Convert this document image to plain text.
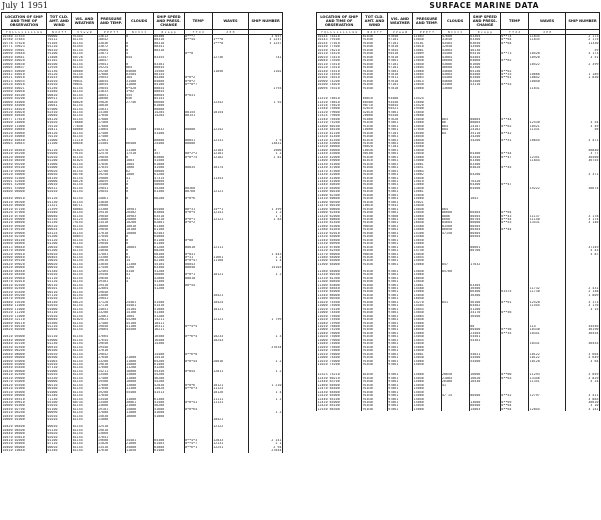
July 1 1951	SURFACE MARINE DATA
LOCATION OF SHIP AND TIME OF OBSERVATION	TOT CLD. AMT. AND WIND	VIS. AND WEATHER	PRESSURE AND TEMP.	CLOUDS	SHIP SPEED AND PRESS. CHANGE	TEMP	WAVES	SHIP NUMBER
Y Q L L L L L L L L G G	N d d f f	V V w w W	P P P T T	N C h C C	D v a p p	T T d d	d P H	
10780 37535	90000	91454	13613	0	00300	0***7		3 657
10780 37645	70112	81154	18642		00310	0**44	1***8	3 1257
10778 37620	91105	81154	13836	0	00310		1***8	3 1257
10771 39623	01210	81454	13872	0	00341			
10660 39601	90310	81154	19864	0	00310			
10690 39640	91100	81154	13871	4		0**0		
10640 40641	13408	80728	13447	854	03355		12736	741
10600 40020	01102	81154	18847					
10600 40630	40100	81154	19041	0	03301			
10605 40637	12926	81154	19224	064	00044			
10603 40600	02130	80000	19240	04600	15500		11856	1102
10542 40010	16120	91154	17080	03504	00144			
10521 40018	81015	80038	19053	384	04300	0*0*2		
10523 40035	81010	90031	18854	31400	04000	0*0*2		
10520 40018	81010	90031	18654	31000	04100	0**0*7		
10560 40021	01250	81154	19854	6*420	00044			1793
10560 40050	61040	81154	13833	3*02	00044			
10500 40100	00810	81154	18851	555	00604	0*031		
10500 40200	00911	81154	18600	656	05143			
10000 44000	20810	80026	19026	27746	66600		12342	1 92
10500 44000	10041	81154	18030		61000			
10552 44020	07000	81154	15031		00000			
10520 40020	62510	81154	13100		14204	00155	10154	
10800 40400	20040	81154	17040		14204	00151		
10577 17610	04120	81154	17880					
10400 18000	01020	78880	17460					
10400 11000	70110	77840	17660					
10000 40660	10411	80080	13064	51400	54832	00000	12142	
10520 40060	04120	81154	17400		51400			
10520 40060	70110	81154	17400					
10640 40440	11000	11110	17861		80000	00051	12131	1 9
10603 40645	21100	80856	13404	66400	24400	00000		13831

10410 04040	01210	81024	12578	11300	0		12183	1600
10410 05200	01050	79155	12578	17510	357	00*2*2	12181	1 2
10420 06600	02010	81154	19850	0	63000	0*0*75	12182	1 81
10430 08500	01200	81024	13680	1003	51500			
10450 09200	41000	81154	17856	1004	61000			
10460 09100	01000	81154	17835	1000	41500	00035	10174	
10470 09400	09020	81154	12700	62	50000			
10520 50000	40030	80756	19240	1000	61200			
10500 51000	04150	81154	19000	41	47315		11353	
10501 52600	20000	80126	10859	1	60000			
10501 52600	20010	81154	15400	0	58600			
10501 53000	00312	81154	19041	0	55200	00360		
10400 06000	02010	81154	19854	0	61300	00760	12121	

10440 06010	01120	81154	14861	0	66200	0*0*6		
10410 06300	01130	81154	13840					
10430 06000	21321	80711	19600					
10410 07100	21399	80084	13300	10901	65400	00*31	14**1	1 399
10420 07000	01040	81154	19410	20402	63000	0*0*5	12141	1 2
10410 07500	00040	81154	19040	10903	63510			1 7
10420 09000	02310	81124	13000	20000	63210	0*0*1	12121	1 83
10410 08600	01150	79154	13410	10200	62801	0*0*2		
10450 09400	00310	81154	18000	10010	61300			
10470 09100	00034	81154	19058	10100	61100			
10450 09000	03125	81154	17010	10000	62403			
10430 02300	01200	80053	17040	0	64000			
10460 04100	01120	81154	17041	0	61100	0*00		
10460 04000	01200	81154	19040	0	61300			
10413 06640	20010	79854	13860	10003	61200	00010	12111	
10470 04000	01200	81154	14840	0	60200			
10520 09010	03010	81154	17801	0	60100	0*031		1 443
10500 00040	00403	81154	13300	01	62200	0*31	11661	1 2
10530 09100	10020	81154	19810	14	62100	0*0*47	11160	1 4
10420 09020	00020	81154	13050	11300	55104	00043		
10420 06000	00010	81154	17440	1200	63300	00040		15103
10430 06540	01340	81154	12464	4140	51200			
10430 04400	01010	81154	19440	41	56806	0*0*1	10121	1 2
10430 09040	01110	81154	19640	41	52000	00010		
10470 02010	01120	81154	19301	4	51300			
10410 02500	00110	81154	19410		51300	00*54		
10460 02500	00101	81154	12864		51200			
10520 03500	00110	81154	19040					
10430 09200	07110	81154	13800				10421	
10470 09400	01010	81154	19041					
10480 10100	04140	80124	17120	24481	51500		10424	
10480 11000	02010	81154	17110	34481	51410			
10400 11000	01000	81154	14051	14104	51000		10121	
10520 11200	03110	81154	13200	14100	51300			
10520 11000	01010	81154	12861	1004	51200			
10830 32110	00040	81024	19023	45200	15211		12121	1 799
10460 60110	03300	81154	17480	45100	18411			
10870 60100	01210	81154	19040	41100	16311	0**4*5		
10820 60300	02030	81154	19864	44500	16211			

10410 05000	02110	81154	17664		16500	0**6*4	10233	1 3
10440 06000	03000	81154	17644		16500		10243	
10440 02100	01230	81154	19640		14300			
10530 02500	00510	81154	19440					27634
10660 06200	00100	81154	17010					
10640 08000	03010	81154	19042		14400	0**6*0		
10400 06000	00300	81154	17040	21000	14410			
10400 03000	01003	81154	13200	11000	65200	0*0*44	28016	1 2
10400 03000	02010	81154	19810	14000	61400			
10450 03400	07110	81154	17600	11200	51200			
10430 06000	01000	81154	14211	18000	55340	0*054	12011	1 2
10410 02500	02010	81154	13400	13000	55200			
10410 09000	03330	81154	17400	11000	56200			
10470 03000	00000	81154	19500	10000	55200			
10420 03500	00110	81154	17600	13000	52030	0*0*6	10121	1 210
10410 01000	00160	81154	17040	11300	14020	0**6*3	11123	
10510 05000	01000	81154	19200	55400	41513		10126	1 4
10560 06000	01340	81154	17040					
10450 05510	71130	81154	13440	11000	61300		11111	1 2
10430 09610	03100	80734	13400	30061	41400	0*0*41	11131	
10600 01000	01010	81154	13000	21000	56200			
10450 02700	01100	81154	19101	14000	51600	0*0*64		
10510 06200	00090	81154	17000	11000	41600			1 2
10450 03000	02010	81154	15030	10000	51000			
10600 01000	01010	81154	11000				10421	

10420 06400	00010	81154	12510				12122	
10400 06500	01130	81154	19010					
10440 06000	03020	81154	13060					
10570 03610	02010	81154	17041					
10410 02000	01100	81154	19600	34401	65300	0**4*3	12033	2 141
10510 05000	07110	81154	11020	21000	61403	0**4*7	12131	2 1
10400 06000	00010	81154	13410	35000	63000	0**6*1	12251	2 94
10510 10640	01340	81154	17630	11050	61400			27044
LOCATION OF SHIP AND TIME OF OBSERVATION	TOT CLD. AMT. AND WIND	VIS. AND WEATHER	PRESSURE AND TEMP.	CLOUDS	SHIP SPEED AND PRESS. CHANGE	TEMP	WAVES	SHIP NUMBER
Y Q L L L L L L L L G G	N d d f f	V V w w W	P P P T T	N C h C C	D v a p p	T T d d	d P H	
10144 74410	61030	97050	11603	47600	63304	0**74	11835	2 173
10143 79100	91040	97101	15040	31640	63300	0**64	11835	2 175
10154 77010	91040	97101	15101	43404	63650	0**64		11330
10150 77500	91040	97010	15010	12040	43500			
10150 78210	91040	97045	15061	43004	40130			59
10110 74520	91040	94510	15009	34400	65510	0**73	10520	3 173
10010 73410	91040	97010	14400	43004	64404		10920	3 51
10040 73500	91040	97061	15040	56600	64060	0**62		
10110 73510	91040	97101	15040	53006	61600		10522	2 399
10120 73510	91040	97101	15604	46600	63300			
10140 74510	91040	97001	15060	34600	65140	0**62		
10110 74550	91040	97010	15605	43004	64500	0**33	10666	1 189
10104 76510	91040	97011	15063	54400	63500	0**61	10842	1 830
10900 74200	91040	97010	15014	44600	63500		10040	
10100 74020	91040	97101	15040	53400	53110	0**53		
10096 76310	91040	97010	15060	13600			11631	

11510 78610	60010	93480	15424					
11520 78610	60400	93450	15600					
11516 75620	90710	95044	15420					
11540 75600	42010	94521	19400					
11520 79600	42010	97061	15040					
11524 79600	20000	95440	19680					
11540 76400	91000	97620	15040	863	00805	0**44		
11510 75200	91030	97061	15060	86	00805		12530	3 54
11400 60100	91030	97061	15040	864	24107	0**62	10521	3 49
11430 46100	10000	97061	17040	884	24102		11431	56
11510 41100	91030	97101	16500	84	35110	0**42		
11520 41400	91040	97061	16040		34200			
11410 41500	61010	97061	16040		34200	0**51	10644	3 471
11430 43000	91030	97061	16040					
11520 46000	90020	97101	15460					
11400 40000	10030	97061	15040					56840
11450 43000	90100	97061	15040		64300	0**44		3 77
11430 42000	91030	97061	15060		63450	0**47	12351	36560
11400 49000	81010	97061	15000		63300		11844	36755
11430 41000	91030	97061	15061		63300			
11430 47000	91040	97061	15051		64020	0**45		
11470 47000	91040	97061	15064					
11430 42000	91030	97061	15002		64200			3 371
11450 41000	91030	97061	15040					
11440 41000	91030	97061	15010		76320			
11440 40400	91040	97061	13060		64300	0**47		
11510 64000	91040	97061	13040		64500		19222	36674
11500 60100	91030	97061	15061					
11400 62300	91040	97061	15040					
11410 60600	91030	97061	15060		1052			
11400 60300	91030	97061	15021					
11470 60100	10010	97041	15040					
11400 60600	91030	97061	15040	864				
11600 62460	91040	97061	15040	86600	60404	0**64		
11520 62000	91040	97060	15060	8806	00505	0**43	11137	3 178
11540 60800	91030	97061	17060	8600	00705	0**54	11140	3 174
11530 61400	91030	97061	16040	84604	06000	0**53	13531	3 146
11560 61000	90040	97061	15480	83500	00505			
11580 61050	91030	97061	15060	86050	00304	0**44		
11510 62010	91040	97061	15300	47150	00405			
11520 65000	91040	97061	14580		00504			
11540 65600	91030	97061	15650					
11530 60900	91030	97061	15060					
11510 67600	91030	97061	15040		00601			37149
11520 62500	91040	97061	15740		00700			5 43
11570 66000	90030	97061	15040					3 87
11580 64000	91030	97061	15054					
11500 65000	91030	97061	15040					
11500 64000	91030	97061	15060	857	17632			

11360 64000	91030	97061	15040	85700				
11330 60100	91030	97061	15060					
11310 61300	91030	97061	16040					
11300 60400	91040	97061	15040					
11300 63800	91040	97061	15061		63305			
11560 64640	91030	97061	15480		36500		11732	2 431
11550 65000	91040	97061	15060		66300	63375	11730	2 158
11540 66000	91030	97061	15040		36300			1 809
11500 60300	91030	97061	16040					
11020 74500	91040	97061	14270	851	56100	0**61	12520	3 173
11000 74000	91030	97061	15404		64402		11545	3 176
11020 74100	91030	97061	15054		51200			3 15
11000 74400	91040	97061	15040		34170	0**56		
11030 75600	91040	97061	15064		36500			
11020 75500	91030	97061	15040					
11040 75900	91030	97061	15060					
11010 76800	91030	97061	15040		00		114	35546
11000 75200	91040	97061	16040		00400	0**56	10330	36190
11040 76000	91030	97061	15060		23504	0**35	10341	36554
11020 75000	91030	97061	15040		54501			
11000 79000	91040	97061	15054		55301			
11040 74000	91030	97061	15040				10331	36555
11050 75600	91030	97061	15060					
11030 75000	91040	97061	15040					
11010 76000	91030	97061	15061		54021		10122	3 664
11000 74400	91030	97061	15040		54500		10122	3 649
11010 75000	91040	97061	15060		54500		10120	3 64
11020 75200	91030	97061	15040					

12323 74210	01030	97061	15060	20650	16606	0**60	11293	3 059
12430 60210	91030	97061	15040	21004	16620	0**63	13346	3 829
12440 63700	91040	97061	15060	26400	16530		11351	5 24
12460 64600	91030	97061	15040	41				
12470 64400	91030	97061	15060					
12430 64600	91040	97061	15040					
12420 65000	91030	97061	15060	47 15	00500	0**52	12797	3 411
12440 65100	91030	97061	15040					3 083
12410 65000	91040	97061	15060		13600	0**69		36610
12420 65100	91030	97061	15040		00500	0**64		3 10
12530 66300	91030	97061	15060		15803	0**64	12044	3 141
